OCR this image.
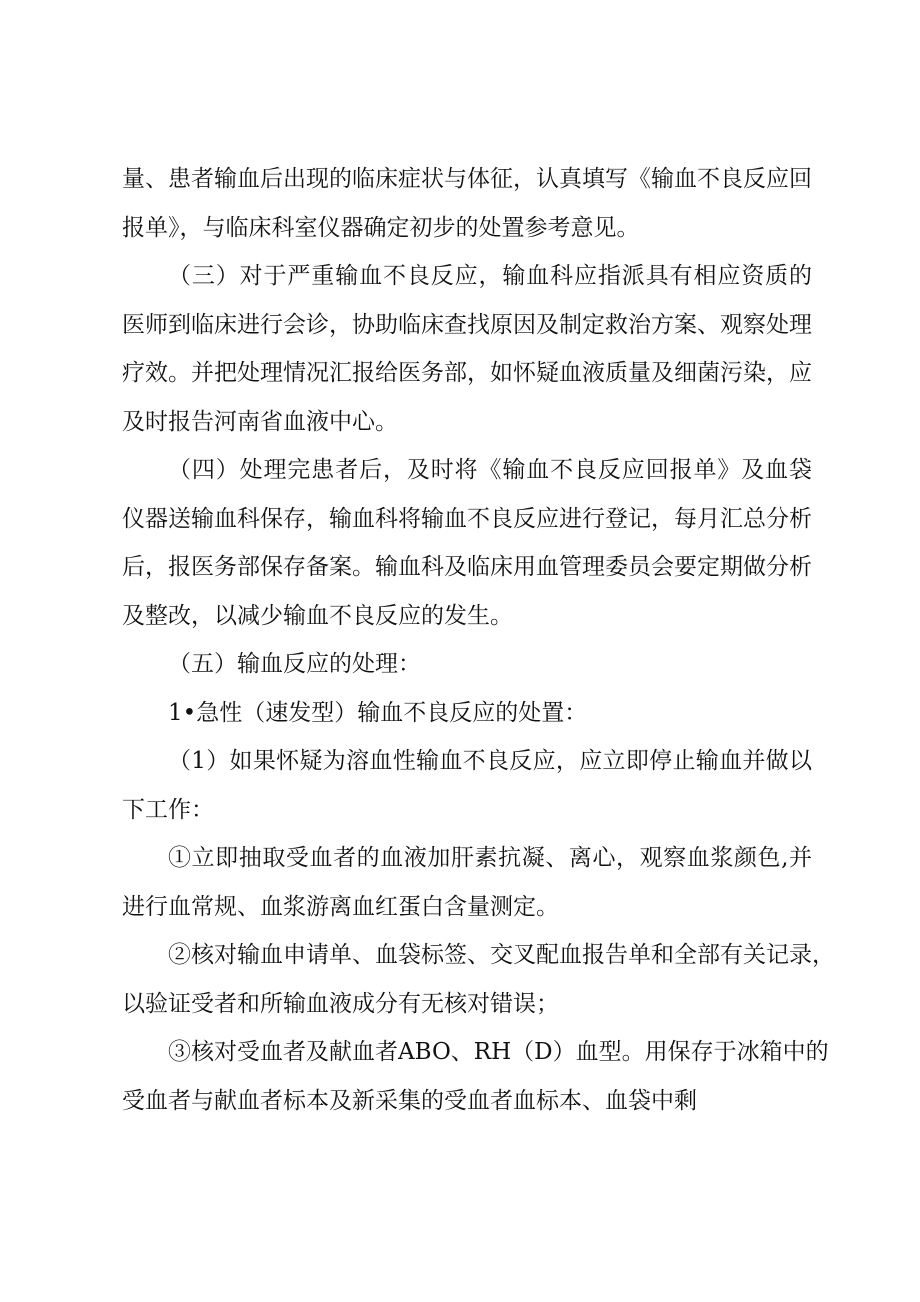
量、患者输血后出现的临床症状与体征，认真填写《输血不良反应回
报单》，与临床科室仪器确定初步的处置参考意见。
（三）对于严重输血不良反应，输血科应指派具有相应资质的
医师到临床进行会诊，协助临床查找原因及制定救治方案、观察处理
疗效。并把处理情况汇报给医务部，如怀疑血液质量及细菌污染，应
及时报告河南省血液中心。
（四）处理完患者后，及时将《输血不良反应回报单》及血袋
仪器送输血科保存，输血科将输血不良反应进行登记，每月汇总分析
后，报医务部保存备案。输血科及临床用血管理委员会要定期做分析
及整改，以减少输血不良反应的发生。
（五）输血反应的处理：
1•急性（速发型）输血不良反应的处置：
（1）如果怀疑为溶血性输血不良反应，应立即停止输血并做以
下工作：
①立即抽取受血者的血液加肝素抗凝、离心，观察血浆颜色,并
进行血常规、血浆游离血红蛋白含量测定。
②核对输血申请单、血袋标签、交叉配血报告单和全部有关记录，
以验证受者和所输血液成分有无核对错误；
③核对受血者及献血者ABO、RH（D）血型。用保存于冰箱中的
受血者与献血者标本及新采集的受血者血标本、血袋中剩
